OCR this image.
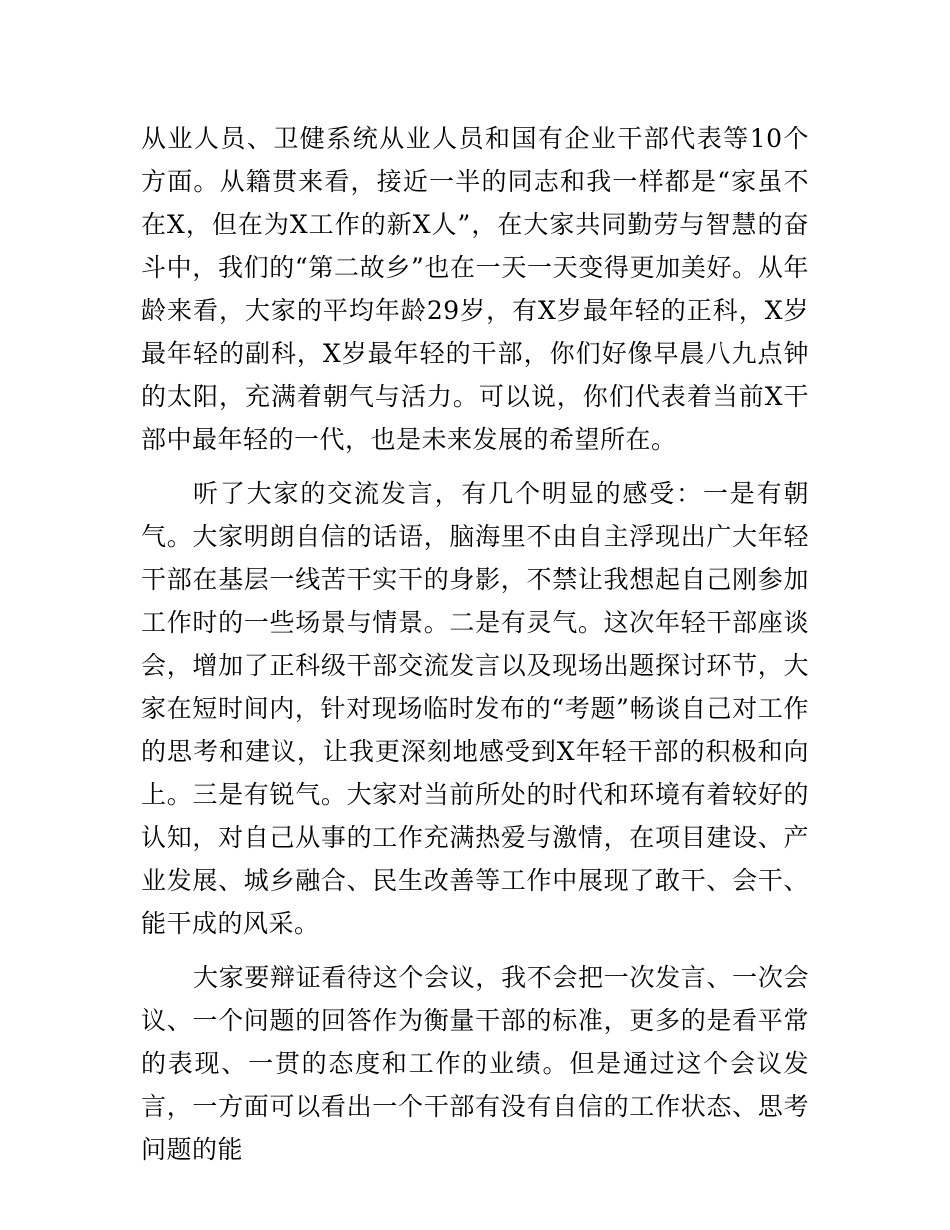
从业人员、卫健系统从业人员和国有企业干部代表等10个方面。从籍贯来看，接近一半的同志和我一样都是“家虽不在X，但在为X工作的新X人”，在大家共同勤劳与智慧的奋斗中，我们的“第二故乡”也在一天一天变得更加美好。从年龄来看，大家的平均年龄29岁，有X岁最年轻的正科，X岁最年轻的副科，X岁最年轻的干部，你们好像早晨八九点钟的太阳，充满着朝气与活力。可以说，你们代表着当前X干部中最年轻的一代，也是未来发展的希望所在。

听了大家的交流发言，有几个明显的感受：一是有朝气。大家明朗自信的话语，脑海里不由自主浮现出广大年轻干部在基层一线苦干实干的身影，不禁让我想起自己刚参加工作时的一些场景与情景。二是有灵气。这次年轻干部座谈会，增加了正科级干部交流发言以及现场出题探讨环节，大家在短时间内，针对现场临时发布的“考题”畅谈自己对工作的思考和建议，让我更深刻地感受到X年轻干部的积极和向上。三是有锐气。大家对当前所处的时代和环境有着较好的认知，对自己从事的工作充满热爱与激情，在项目建设、产业发展、城乡融合、民生改善等工作中展现了敢干、会干、能干成的风采。

大家要辩证看待这个会议，我不会把一次发言、一次会议、一个问题的回答作为衡量干部的标准，更多的是看平常的表现、一贯的态度和工作的业绩。但是通过这个会议发言，一方面可以看出一个干部有没有自信的工作状态、思考问题的能
